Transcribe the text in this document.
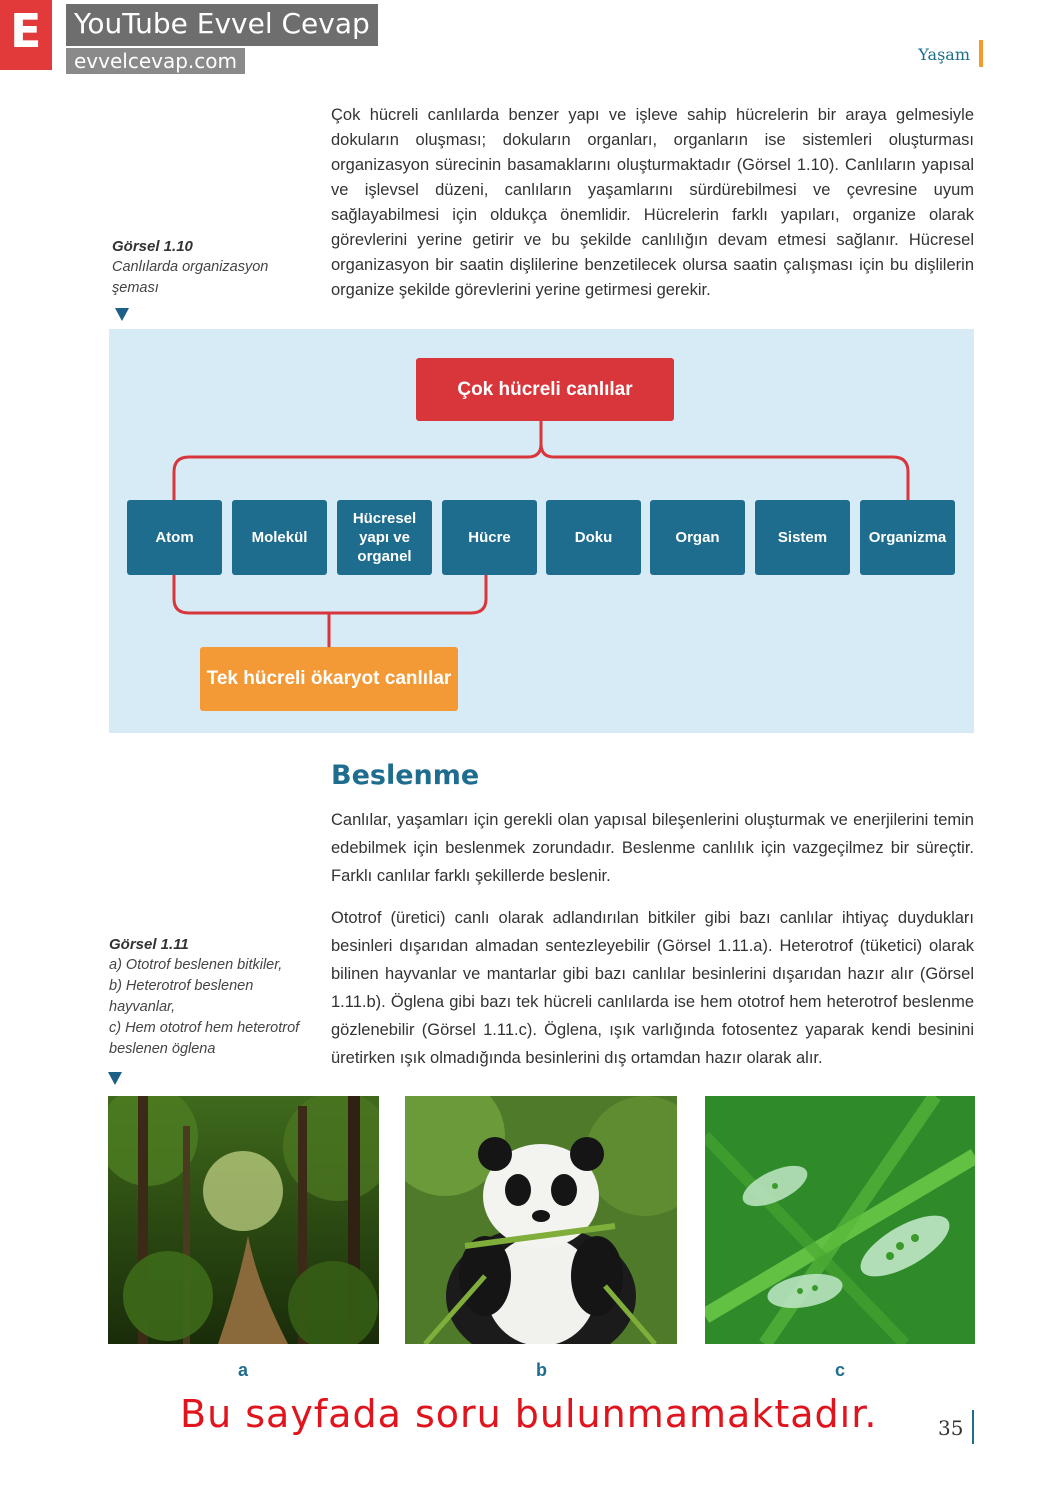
E YouTube Evvel Cevap
evvelcevap.com	Yaşam
Görsel 1.10
Canlılarda organizasyon şeması

Çok hücreli canlılarda benzer yapı ve işleve sahip hücrelerin bir araya gelmesiyle dokuların oluşması; dokuların organları, organların ise sistemleri oluşturması organizasyon sürecinin basamaklarını oluşturmaktadır (Görsel 1.10). Canlıların yapısal ve işlevsel düzeni, canlıların yaşamlarını sürdürebilmesi ve çevresine uyum sağlayabilmesi için oldukça önemlidir. Hücrelerin farklı yapıları, organize olarak görevlerini yerine getirir ve bu şekilde canlılığın devam etmesi sağlanır. Hücresel organizasyon bir saatin dişlilerine benzetilecek olursa saatin çalışması için bu dişlilerin organize şekilde görevlerini yerine getirmesi gerekir.

Çok hücreli canlılar
Atom	Molekül
Hücresel yapı ve organel
Hücre	Doku	Organ	Sistem	Organizma
Tek hücreli ökaryot canlılar
Beslenme

Canlılar, yaşamları için gerekli olan yapısal bileşenlerini oluşturmak ve enerjilerini temin edebilmek için beslenmek zorundadır. Beslenme canlılık için vazgeçilmez bir süreçtir. Farklı canlılar farklı şekillerde beslenir.

Ototrof (üretici) canlı olarak adlandırılan bitkiler gibi bazı canlılar ihtiyaç duydukları besinleri dışarıdan almadan sentezleyebilir (Görsel 1.11.a). Heterotrof (tüketici) olarak bilinen hayvanlar ve mantarlar gibi bazı canlılar besinlerini dışarıdan hazır alır (Görsel 1.11.b). Öglena gibi bazı tek hücreli canlılarda ise hem ototrof hem heterotrof beslenme gözlenebilir (Görsel 1.11.c). Öglena, ışık varlığında fotosentez yaparak kendi besinini üretirken ışık olmadığında besinlerini dış ortamdan hazır olarak alır.

Görsel 1.11
a) Ototrof beslenen bitkiler,
b) Heterotrof beslenen hayvanlar,
c) Hem ototrof hem heterotrof beslenen öglena
a	b	c
Bu sayfada soru bulunmamaktadır.	35
